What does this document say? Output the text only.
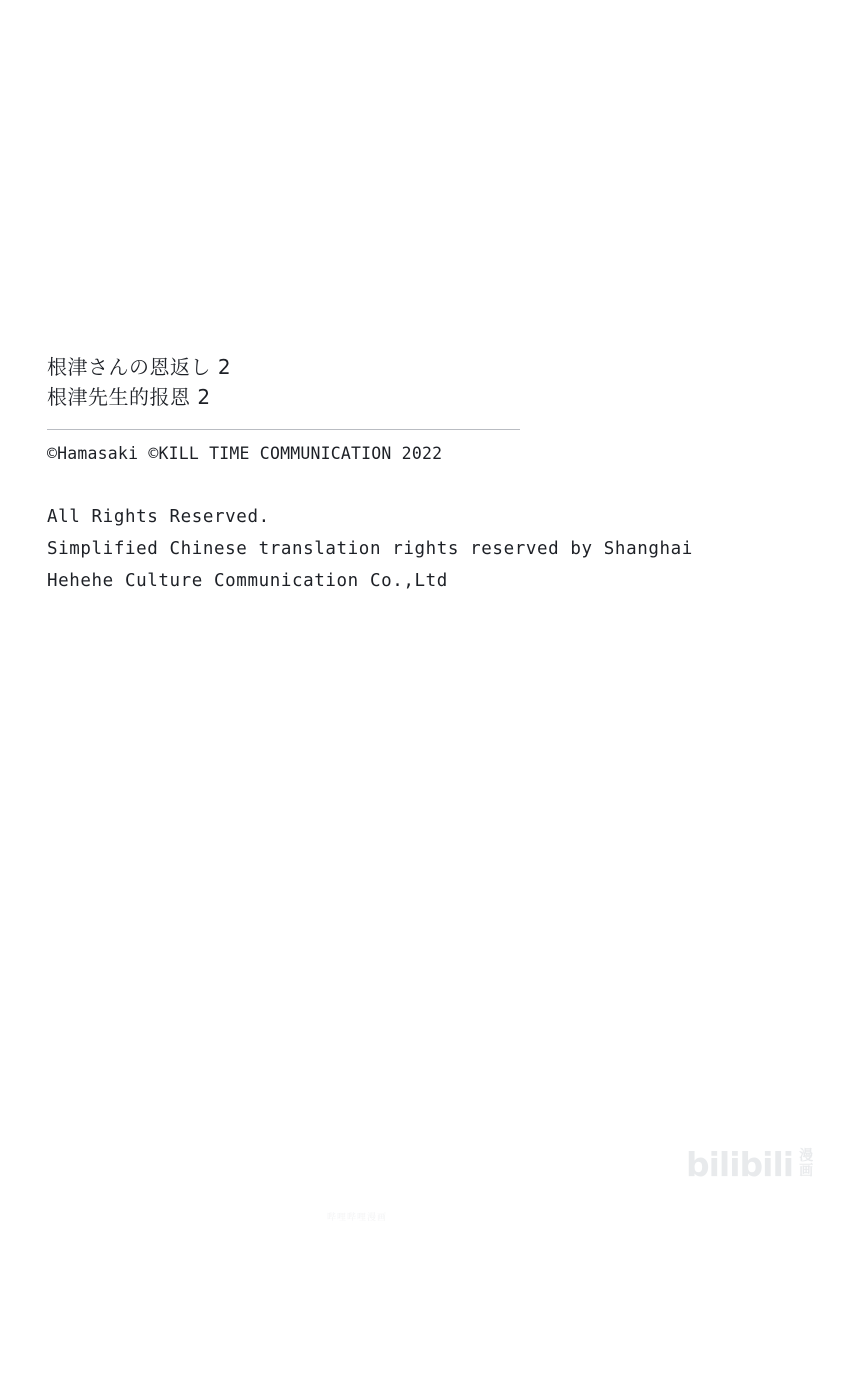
根津さんの恩返し 2
根津先生的报恩 2
©Hamasaki ©KILL TIME COMMUNICATION 2022
All Rights Reserved.
Simplified Chinese translation rights reserved by Shanghai
Hehehe Culture Communication Co.,Ltd
bilibili 漫
画
哔哩哔哩漫画
